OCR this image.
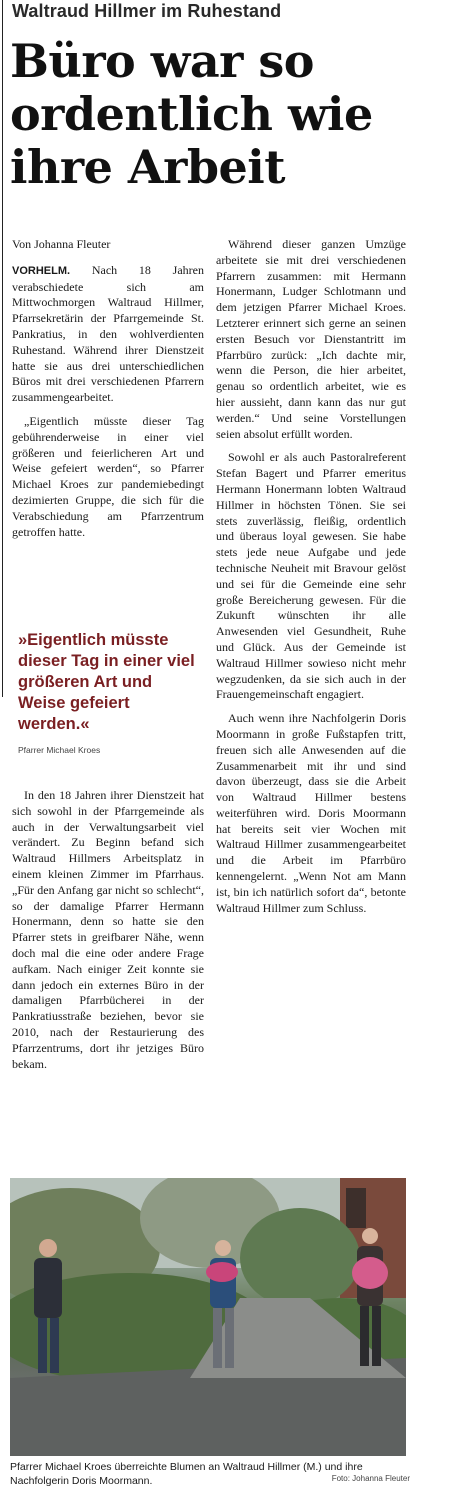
Waltraud Hillmer im Ruhestand
Büro war so
ordentlich wie
ihre Arbeit
Von Johanna Fleuter

VORHELM. Nach 18 Jahren verabschiedete sich am Mittwochmorgen Waltraud Hillmer, Pfarrsekretärin der Pfarrgemeinde St. Pankratius, in den wohlverdienten Ruhestand. Während ihrer Dienstzeit hatte sie aus drei unterschiedlichen Büros mit drei verschiedenen Pfarrern zusammengearbeitet.

„Eigentlich müsste dieser Tag gebührenderweise in einer viel größeren und feierlicheren Art und Weise gefeiert werden“, so Pfarrer Michael Kroes zur pandemiebedingt dezimierten Gruppe, die sich für die Verabschiedung am Pfarrzentrum getroffen hatte.

»Eigentlich müsste dieser Tag in einer viel größeren Art und Weise gefeiert werden.«
Pfarrer Michael Kroes

In den 18 Jahren ihrer Dienstzeit hat sich sowohl in der Pfarrgemeinde als auch in der Verwaltungsarbeit viel verändert. Zu Beginn befand sich Waltraud Hillmers Arbeitsplatz in einem kleinen Zimmer im Pfarrhaus. „Für den Anfang gar nicht so schlecht“, so der damalige Pfarrer Hermann Honermann, denn so hatte sie den Pfarrer stets in greifbarer Nähe, wenn doch mal die eine oder andere Frage aufkam. Nach einiger Zeit konnte sie dann jedoch ein externes Büro in der damaligen Pfarrbücherei in der Pankratiusstraße beziehen, bevor sie 2010, nach der Restaurierung des Pfarrzentrums, dort ihr jetziges Büro bekam.

Während dieser ganzen Umzüge arbeitete sie mit drei verschiedenen Pfarrern zusammen: mit Hermann Honermann, Ludger Schlotmann und dem jetzigen Pfarrer Michael Kroes. Letzterer erinnert sich gerne an seinen ersten Besuch vor Dienstantritt im Pfarrbüro zurück: „Ich dachte mir, wenn die Person, die hier arbeitet, genau so ordentlich arbeitet, wie es hier aussieht, dann kann das nur gut werden.“ Und seine Vorstellungen seien absolut erfüllt worden.

Sowohl er als auch Pastoralreferent Stefan Bagert und Pfarrer emeritus Hermann Honermann lobten Waltraud Hillmer in höchsten Tönen. Sie sei stets zuverlässig, fleißig, ordentlich und überaus loyal gewesen. Sie habe stets jede neue Aufgabe und jede technische Neuheit mit Bravour gelöst und sei für die Gemeinde eine sehr große Bereicherung gewesen. Für die Zukunft wünschten ihr alle Anwesenden viel Gesundheit, Ruhe und Glück. Aus der Gemeinde ist Waltraud Hillmer sowieso nicht mehr wegzudenken, da sie sich auch in der Frauengemeinschaft engagiert.

Auch wenn ihre Nachfolgerin Doris Moormann in große Fußstapfen tritt, freuen sich alle Anwesenden auf die Zusammenarbeit mit ihr und sind davon überzeugt, dass sie die Arbeit von Waltraud Hillmer bestens weiterführen wird. Doris Moormann hat bereits seit vier Wochen mit Waltraud Hillmer zusammengearbeitet und die Arbeit im Pfarrbüro kennengelernt. „Wenn Not am Mann ist, bin ich natürlich sofort da“, betonte Waltraud Hillmer zum Schluss.

Pfarrer Michael Kroes überreichte Blumen an Waltraud Hillmer (M.) und ihre Nachfolgerin Doris Moormann.	Foto: Johanna Fleuter
